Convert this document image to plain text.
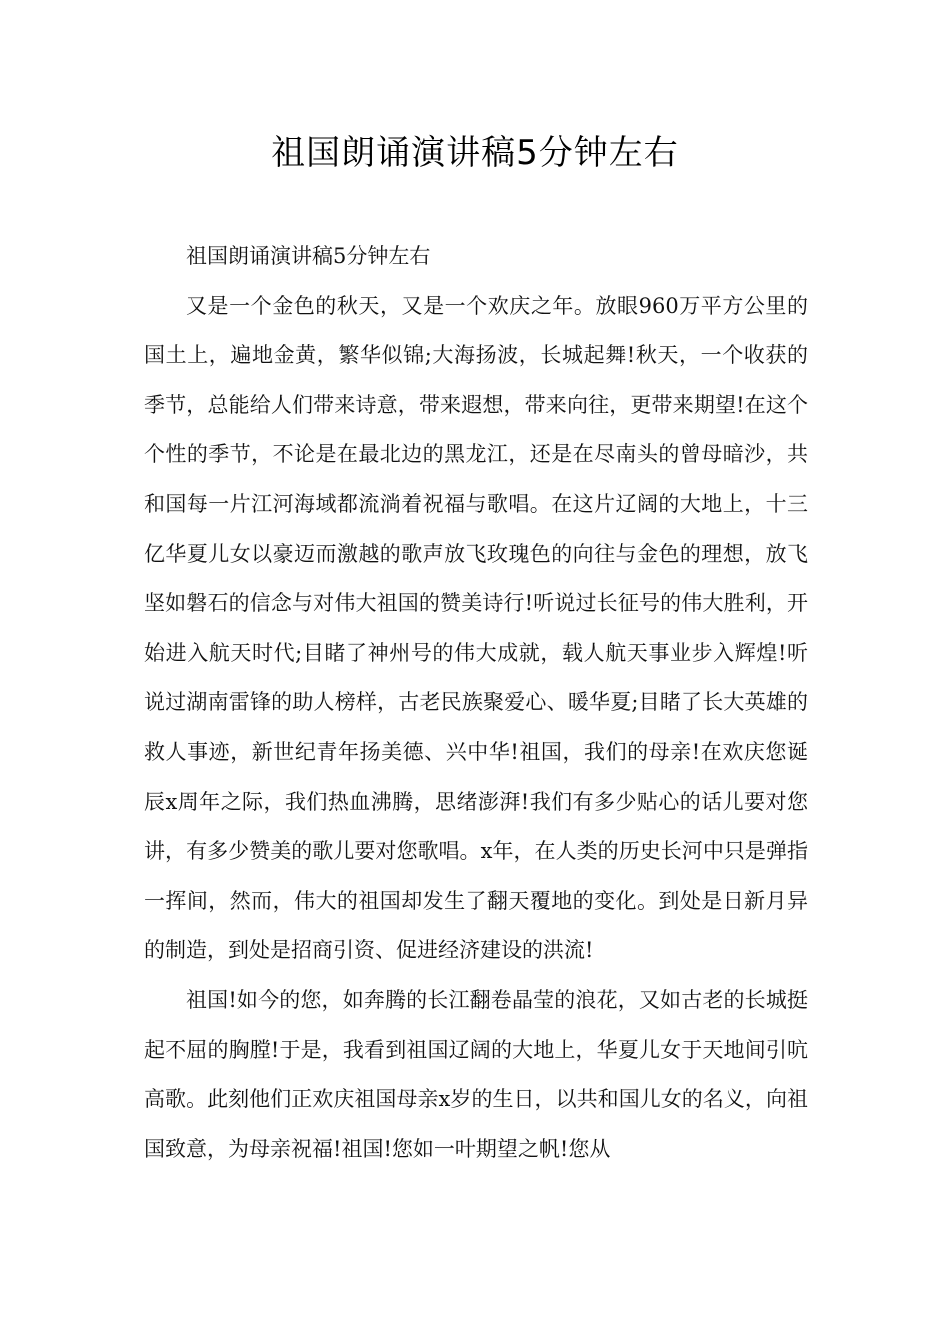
祖国朗诵演讲稿5分钟左右

祖国朗诵演讲稿5分钟左右

又是一个金色的秋天，又是一个欢庆之年。放眼960万平方公里的国土上，遍地金黄，繁华似锦;大海扬波，长城起舞!秋天，一个收获的季节，总能给人们带来诗意，带来遐想，带来向往，更带来期望!在这个个性的季节，不论是在最北边的黑龙江，还是在尽南头的曾母暗沙，共和国每一片江河海域都流淌着祝福与歌唱。在这片辽阔的大地上，十三亿华夏儿女以豪迈而激越的歌声放飞玫瑰色的向往与金色的理想，放飞坚如磐石的信念与对伟大祖国的赞美诗行!听说过长征号的伟大胜利，开始进入航天时代;目睹了神州号的伟大成就，载人航天事业步入辉煌!听说过湖南雷锋的助人榜样，古老民族聚爱心、暖华夏;目睹了长大英雄的救人事迹，新世纪青年扬美德、兴中华!祖国，我们的母亲!在欢庆您诞辰x周年之际，我们热血沸腾，思绪澎湃!我们有多少贴心的话儿要对您讲，有多少赞美的歌儿要对您歌唱。x年，在人类的历史长河中只是弹指一挥间，然而，伟大的祖国却发生了翻天覆地的变化。到处是日新月异的制造，到处是招商引资、促进经济建设的洪流!

祖国!如今的您，如奔腾的长江翻卷晶莹的浪花，又如古老的长城挺起不屈的胸膛!于是，我看到祖国辽阔的大地上，华夏儿女于天地间引吭高歌。此刻他们正欢庆祖国母亲x岁的生日，以共和国儿女的名义，向祖国致意，为母亲祝福!祖国!您如一叶期望之帆!您从
